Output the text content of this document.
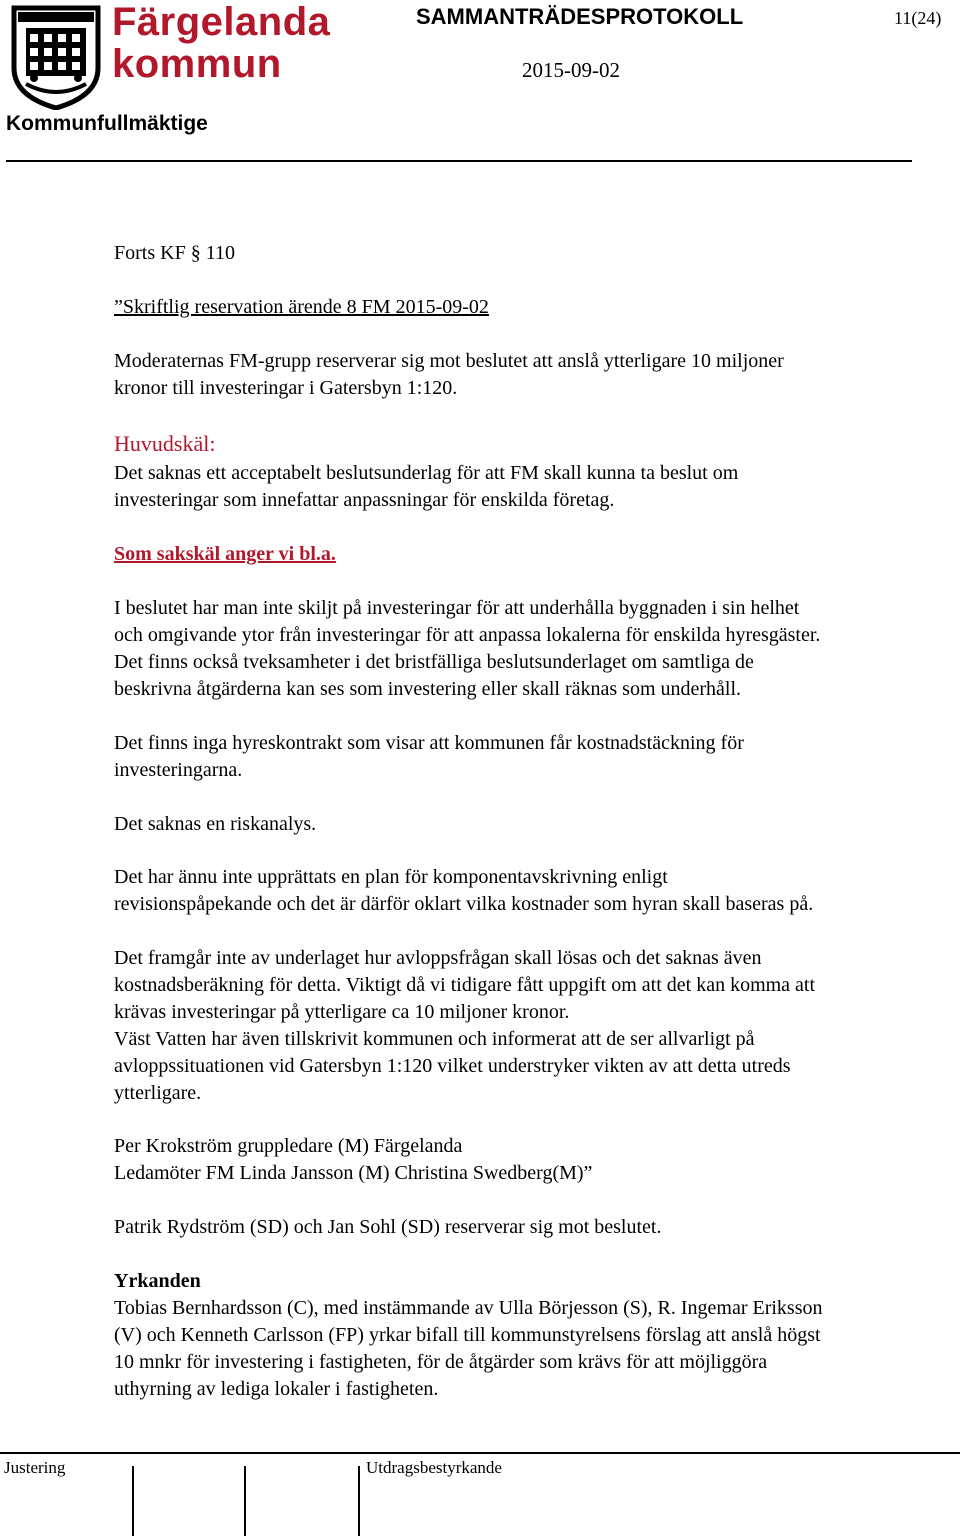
Färgelanda
kommun
SAMMANTRÄDESPROTOKOLL	11(24)
2015-09-02
Kommunfullmäktige
Forts KF § 110
”Skriftlig reservation ärende 8 FM 2015-09-02
Moderaternas FM-grupp reserverar sig mot beslutet att anslå ytterligare 10 miljoner
kronor till investeringar i Gatersbyn 1:120.
Huvudskäl:
Det saknas ett acceptabelt beslutsunderlag för att FM skall kunna ta beslut om
investeringar som innefattar anpassningar för enskilda företag.
Som sakskäl anger vi bl.a.
I beslutet har man inte skiljt på investeringar för att underhålla byggnaden i sin helhet
och omgivande ytor från investeringar för att anpassa lokalerna för enskilda hyresgäster.
Det finns också tveksamheter i det bristfälliga beslutsunderlaget om samtliga de
beskrivna åtgärderna kan ses som investering eller skall räknas som underhåll.
Det finns inga hyreskontrakt som visar att kommunen får kostnadstäckning för
investeringarna.
Det saknas en riskanalys.
Det har ännu inte upprättats en plan för komponentavskrivning enligt
revisionspåpekande och det är därför oklart vilka kostnader som hyran skall baseras på.
Det framgår inte av underlaget hur avloppsfrågan skall lösas och det saknas även
kostnadsberäkning för detta. Viktigt då vi tidigare fått uppgift om att det kan komma att
krävas investeringar på ytterligare ca 10 miljoner kronor.
Väst Vatten har även tillskrivit kommunen och informerat att de ser allvarligt på
avloppssituationen vid Gatersbyn 1:120 vilket understryker vikten av att detta utreds
ytterligare.
Per Krokström gruppledare (M) Färgelanda
Ledamöter FM Linda Jansson (M) Christina Swedberg(M)”
Patrik Rydström (SD) och Jan Sohl (SD) reserverar sig mot beslutet.
Yrkanden
Tobias Bernhardsson (C), med instämmande av Ulla Börjesson (S), R. Ingemar Eriksson
(V) och Kenneth Carlsson (FP) yrkar bifall till kommunstyrelsens förslag att anslå högst
10 mnkr för investering i fastigheten, för de åtgärder som krävs för att möjliggöra
uthyrning av lediga lokaler i fastigheten.
Justering	Utdragsbestyrkande
